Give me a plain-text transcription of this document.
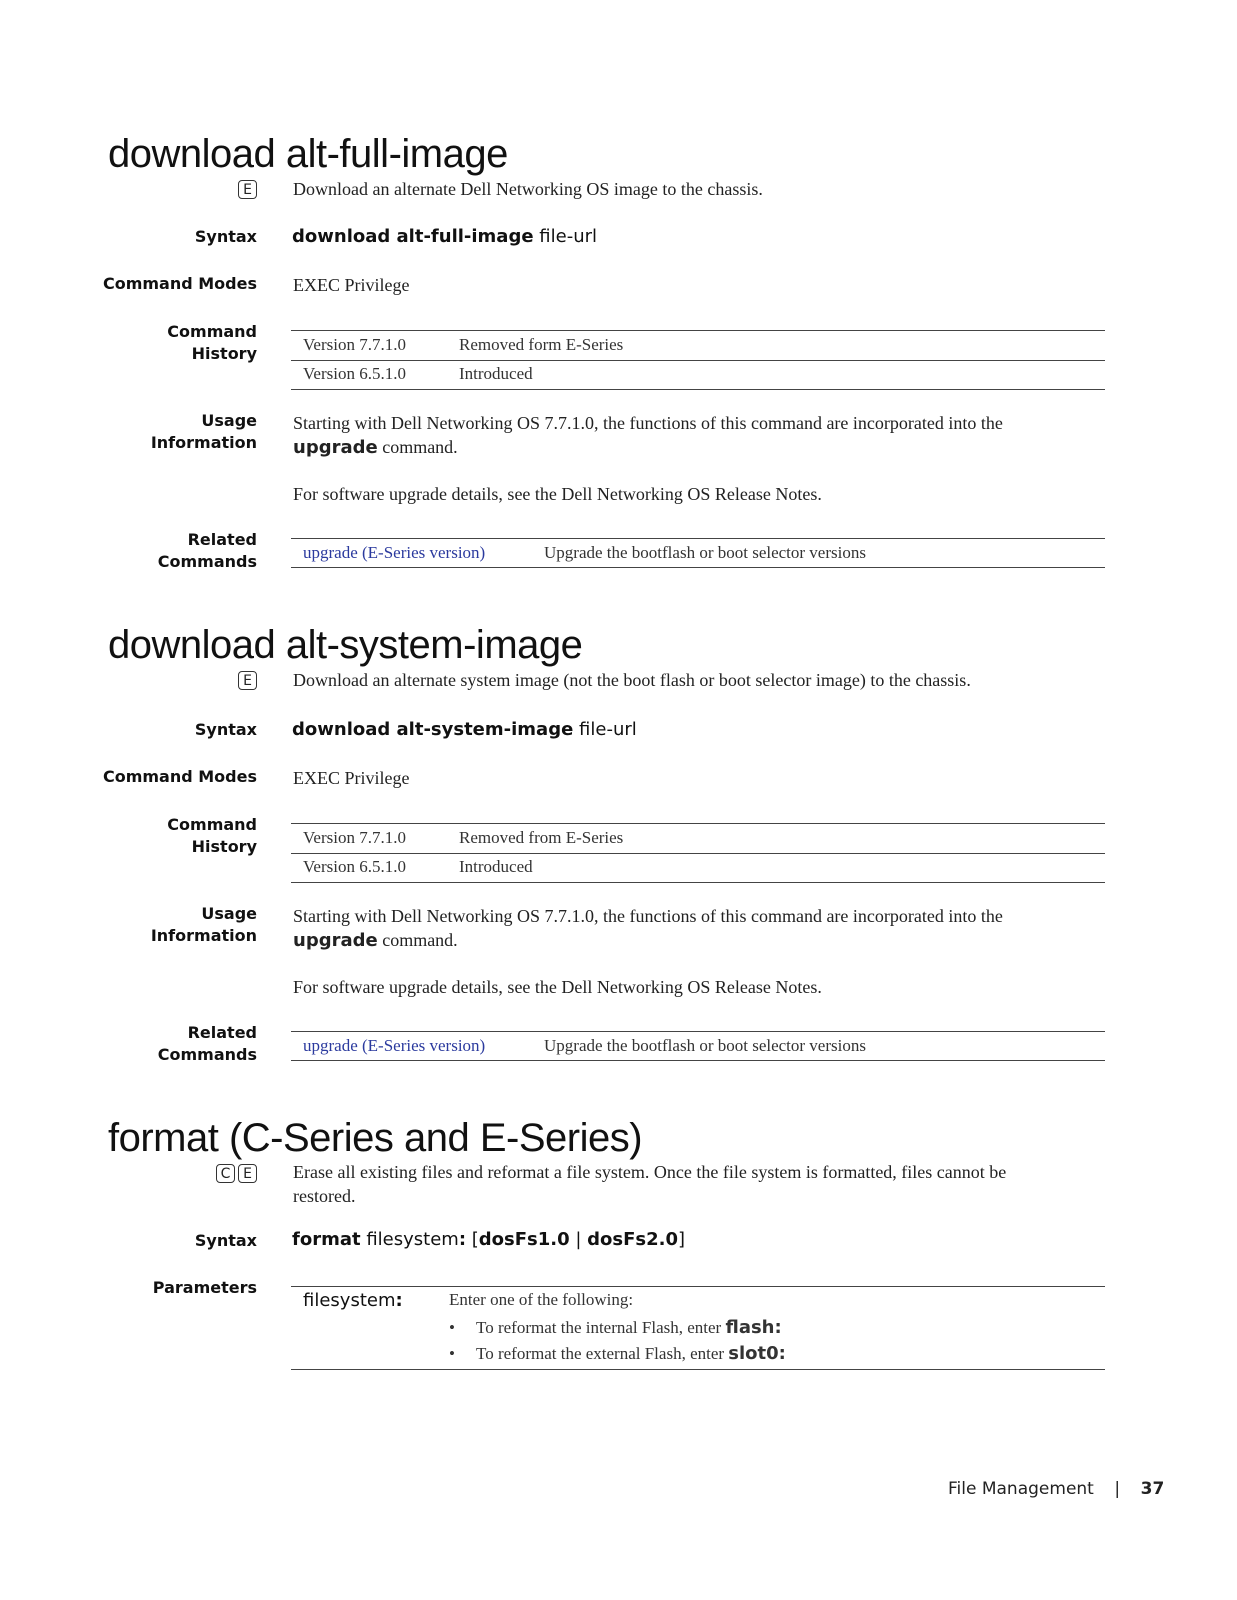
download alt-full-image
E Download an alternate Dell Networking OS image to the chassis.
Syntax download alt-full-image file-url
Command Modes EXEC Privilege
Command
History	Version 7.7.1.0	Removed form E-Series
Version 6.5.1.0	Introduced
Usage
Information
Starting with Dell Networking OS 7.7.1.0, the functions of this command are incorporated into the
upgrade command.
For software upgrade details, see the Dell Networking OS Release Notes.
Related
Commands	upgrade (E-Series version)	Upgrade the bootflash or boot selector versions
download alt-system-image
E Download an alternate system image (not the boot flash or boot selector image) to the chassis.
Syntax download alt-system-image file-url
Command Modes EXEC Privilege
Command
History	Version 7.7.1.0	Removed from E-Series
Version 6.5.1.0	Introduced
Usage
Information
Starting with Dell Networking OS 7.7.1.0, the functions of this command are incorporated into the
upgrade command.
For software upgrade details, see the Dell Networking OS Release Notes.
Related
Commands	upgrade (E-Series version)	Upgrade the bootflash or boot selector versions
format (C-Series and E-Series)
C E Erase all existing files and reformat a file system. Once the file system is formatted, files cannot be
restored.
Syntax format filesystem: [dosFs1.0 | dosFs2.0]
Parameters
filesystem:	Enter one of the following:
• To reformat the internal Flash, enter flash:
• To reformat the external Flash, enter slot0:
File Management | 37
